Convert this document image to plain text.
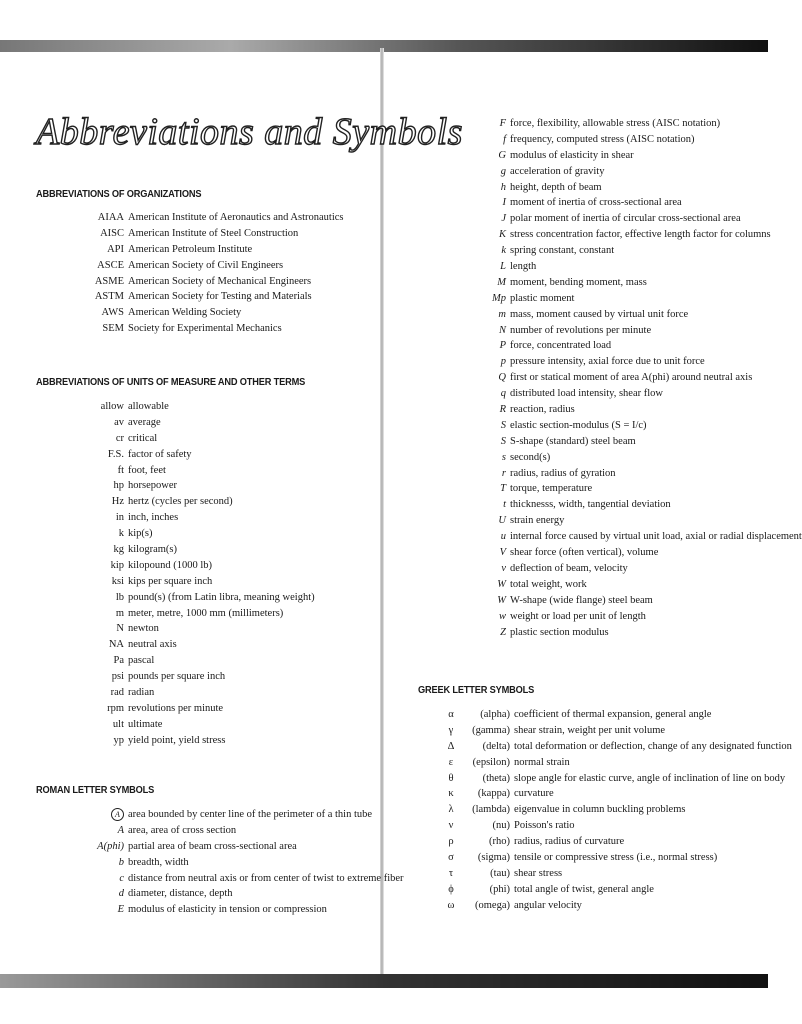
Abbreviations and Symbols
ABBREVIATIONS OF ORGANIZATIONS
AIAA American Institute of Aeronautics and Astronautics
AISC American Institute of Steel Construction
API American Petroleum Institute
ASCE American Society of Civil Engineers
ASME American Society of Mechanical Engineers
ASTM American Society for Testing and Materials
AWS American Welding Society
SEM Society for Experimental Mechanics
ABBREVIATIONS OF UNITS OF MEASURE AND OTHER TERMS
allow allowable
av average
cr critical
F.S. factor of safety
ft foot, feet
hp horsepower
Hz hertz (cycles per second)
in inch, inches
k kip(s)
kg kilogram(s)
kip kilopound (1000 lb)
ksi kips per square inch
lb pound(s) (from Latin libra, meaning weight)
m meter, metre, 1000 mm (millimeters)
N newton
NA neutral axis
Pa pascal
psi pounds per square inch
rad radian
rpm revolutions per minute
ult ultimate
yp yield point, yield stress
ROMAN LETTER SYMBOLS
A area bounded by center line of the perimeter of a thin tube
A area, area of cross section
A(phi) partial area of beam cross-sectional area
b breadth, width
c distance from neutral axis or from center of twist to extreme fiber
d diameter, distance, depth
E modulus of elasticity in tension or compression
F force, flexibility, allowable stress (AISC notation)
f frequency, computed stress (AISC notation)
G modulus of elasticity in shear
g acceleration of gravity
h height, depth of beam
I moment of inertia of cross-sectional area
J polar moment of inertia of circular cross-sectional area
K stress concentration factor, effective length factor for columns
k spring constant, constant
L length
M moment, bending moment, mass
Mp plastic moment
m mass, moment caused by virtual unit force
N number of revolutions per minute
P force, concentrated load
p pressure intensity, axial force due to unit force
Q first or statical moment of area A(phi) around neutral axis
q distributed load intensity, shear flow
R reaction, radius
S elastic section-modulus (S = I/c)
S S-shape (standard) steel beam
s second(s)
r radius, radius of gyration
T torque, temperature
t thicknesss, width, tangential deviation
U strain energy
u internal force caused by virtual unit load, axial or radial displacement
V shear force (often vertical), volume
v deflection of beam, velocity
W total weight, work
W W-shape (wide flange) steel beam
w weight or load per unit of length
Z plastic section modulus
GREEK LETTER SYMBOLS
α	(alpha) coefficient of thermal expansion, general angle
γ	(gamma) shear strain, weight per unit volume
Δ	(delta) total deformation or deflection, change of any designated function
ε	(epsilon) normal strain
θ	(theta) slope angle for elastic curve, angle of inclination of line on body
κ	(kappa) curvature
λ	(lambda) eigenvalue in column buckling problems
ν	(nu) Poisson's ratio
ρ	(rho) radius, radius of curvature
σ	(sigma) tensile or compressive stress (i.e., normal stress)
τ	(tau) shear stress
ϕ	(phi) total angle of twist, general angle
ω	(omega) angular velocity
